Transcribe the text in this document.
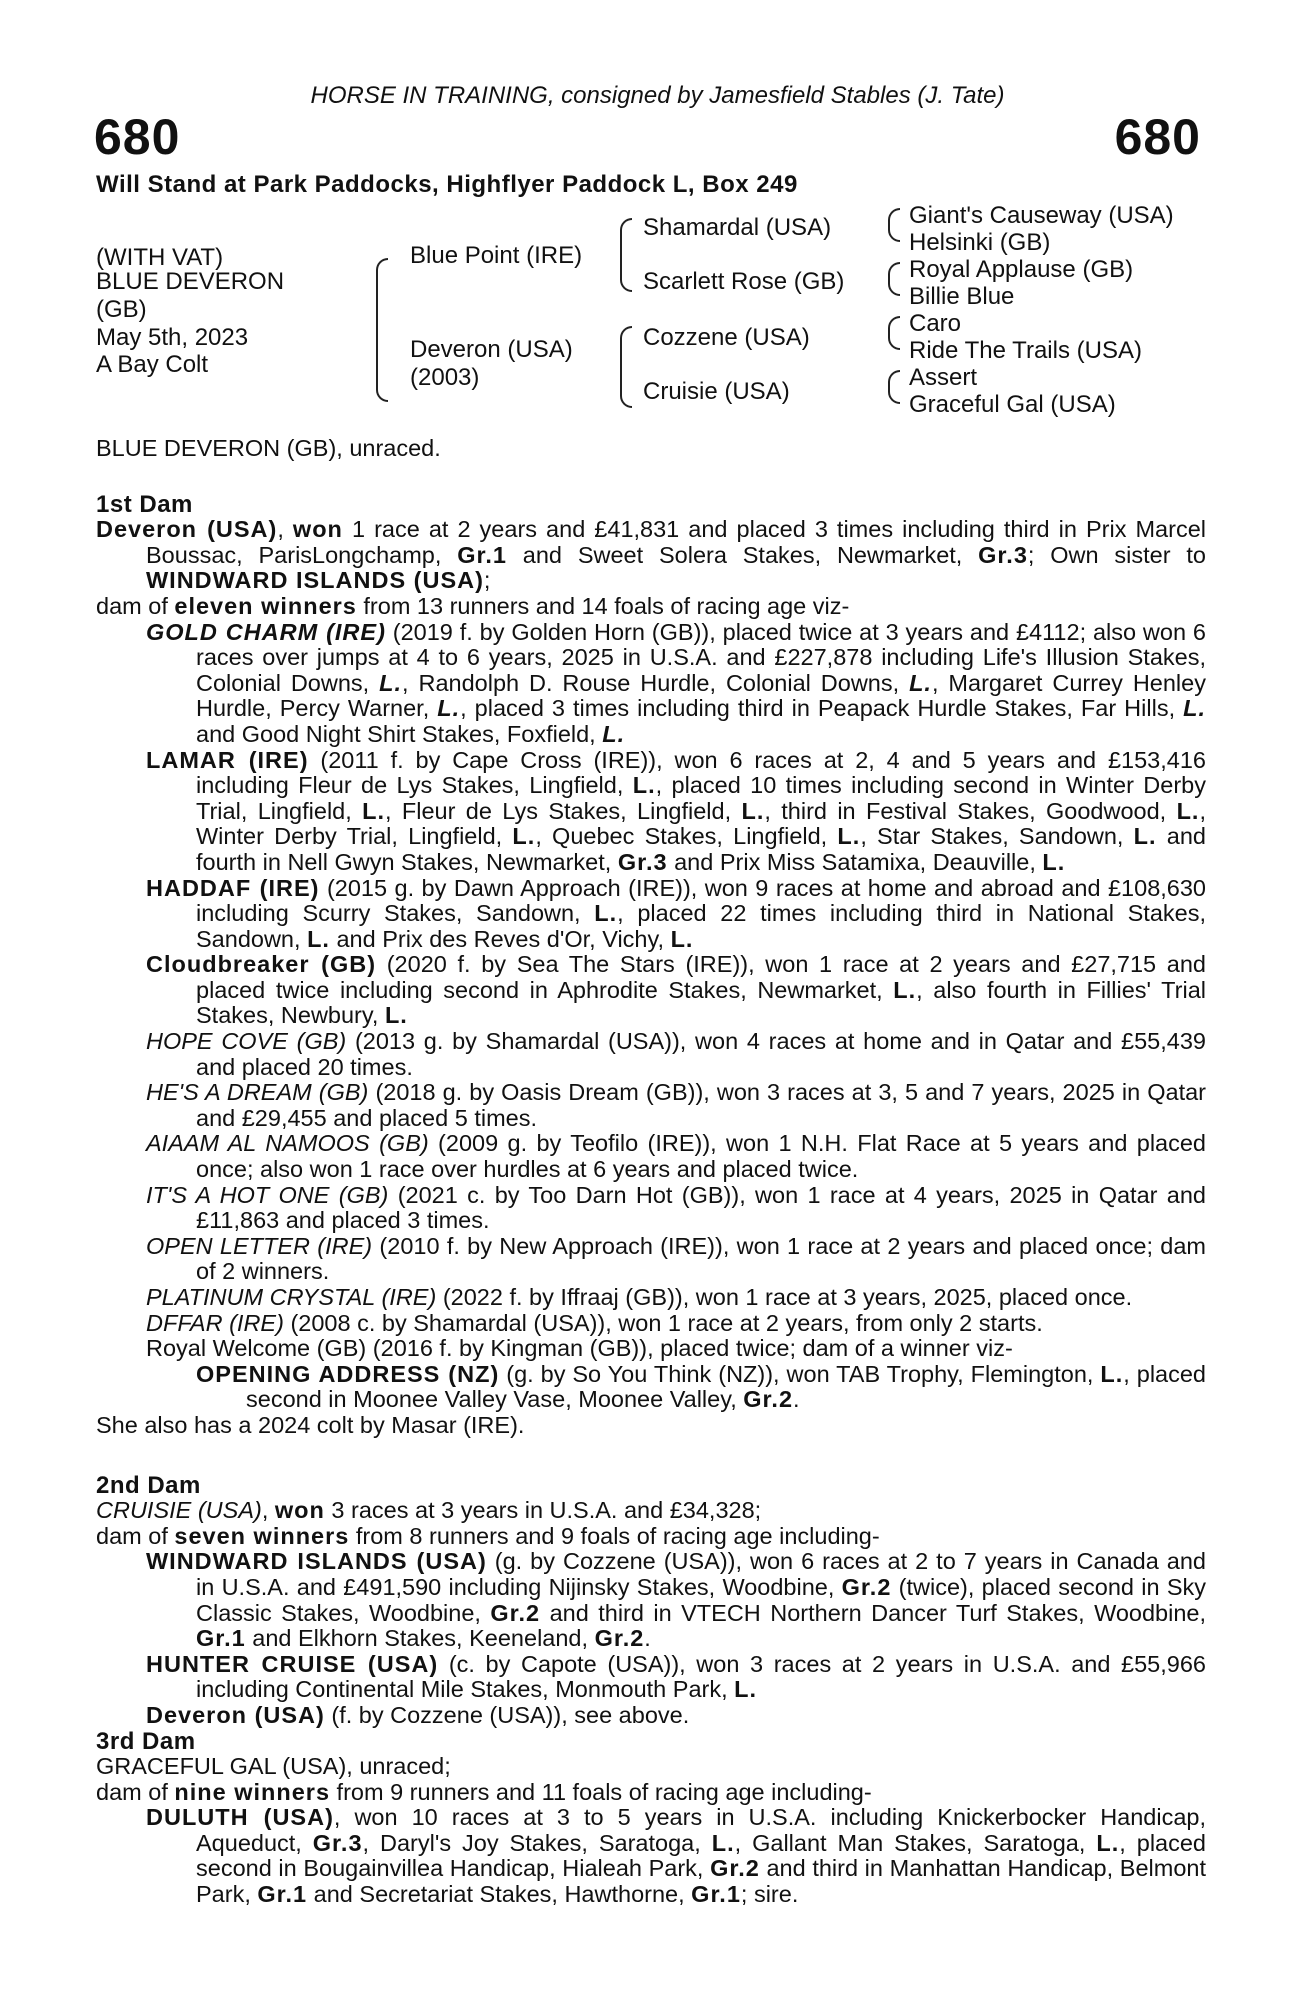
HORSE IN TRAINING, consigned by Jamesfield Stables (J. Tate)
680	680
Will Stand at Park Paddocks, Highflyer Paddock L, Box 249
(WITH VAT)
BLUE DEVERON
(GB)
May 5th, 2023
A Bay Colt
Blue Point (IRE)
Deveron (USA)
(2003)
Shamardal (USA)
Scarlett Rose (GB)
Cozzene (USA)
Cruisie (USA)
Giant's Causeway (USA)
Helsinki (GB)
Royal Applause (GB)
Billie Blue
Caro
Ride The Trails (USA)
Assert
Graceful Gal (USA)

BLUE DEVERON (GB), unraced.

1st Dam

Deveron (USA), won 1 race at 2 years and £41,831 and placed 3 times including third in Prix Marcel Boussac, ParisLongchamp, Gr.1 and Sweet Solera Stakes, Newmarket, Gr.3; Own sister to WINDWARD ISLANDS (USA);

dam of eleven winners from 13 runners and 14 foals of racing age viz-

GOLD CHARM (IRE) (2019 f. by Golden Horn (GB)), placed twice at 3 years and £4112; also won 6 races over jumps at 4 to 6 years, 2025 in U.S.A. and £227,878 including Life's Illusion Stakes, Colonial Downs, L., Randolph D. Rouse Hurdle, Colonial Downs, L., Margaret Currey Henley Hurdle, Percy Warner, L., placed 3 times including third in Peapack Hurdle Stakes, Far Hills, L. and Good Night Shirt Stakes, Foxfield, L.

LAMAR (IRE) (2011 f. by Cape Cross (IRE)), won 6 races at 2, 4 and 5 years and £153,416 including Fleur de Lys Stakes, Lingfield, L., placed 10 times including second in Winter Derby Trial, Lingfield, L., Fleur de Lys Stakes, Lingfield, L., third in Festival Stakes, Goodwood, L., Winter Derby Trial, Lingfield, L., Quebec Stakes, Lingfield, L., Star Stakes, Sandown, L. and fourth in Nell Gwyn Stakes, Newmarket, Gr.3 and Prix Miss Satamixa, Deauville, L.

HADDAF (IRE) (2015 g. by Dawn Approach (IRE)), won 9 races at home and abroad and £108,630 including Scurry Stakes, Sandown, L., placed 22 times including third in National Stakes, Sandown, L. and Prix des Reves d'Or, Vichy, L.

Cloudbreaker (GB) (2020 f. by Sea The Stars (IRE)), won 1 race at 2 years and £27,715 and placed twice including second in Aphrodite Stakes, Newmarket, L., also fourth in Fillies' Trial Stakes, Newbury, L.

HOPE COVE (GB) (2013 g. by Shamardal (USA)), won 4 races at home and in Qatar and £55,439 and placed 20 times.

HE'S A DREAM (GB) (2018 g. by Oasis Dream (GB)), won 3 races at 3, 5 and 7 years, 2025 in Qatar and £29,455 and placed 5 times.

AIAAM AL NAMOOS (GB) (2009 g. by Teofilo (IRE)), won 1 N.H. Flat Race at 5 years and placed once; also won 1 race over hurdles at 6 years and placed twice.

IT'S A HOT ONE (GB) (2021 c. by Too Darn Hot (GB)), won 1 race at 4 years, 2025 in Qatar and £11,863 and placed 3 times.

OPEN LETTER (IRE) (2010 f. by New Approach (IRE)), won 1 race at 2 years and placed once; dam of 2 winners.

PLATINUM CRYSTAL (IRE) (2022 f. by Iffraaj (GB)), won 1 race at 3 years, 2025, placed once.

DFFAR (IRE) (2008 c. by Shamardal (USA)), won 1 race at 2 years, from only 2 starts.

Royal Welcome (GB) (2016 f. by Kingman (GB)), placed twice; dam of a winner viz-

OPENING ADDRESS (NZ) (g. by So You Think (NZ)), won TAB Trophy, Flemington, L., placed second in Moonee Valley Vase, Moonee Valley, Gr.2.

She also has a 2024 colt by Masar (IRE).

2nd Dam

CRUISIE (USA), won 3 races at 3 years in U.S.A. and £34,328;

dam of seven winners from 8 runners and 9 foals of racing age including-

WINDWARD ISLANDS (USA) (g. by Cozzene (USA)), won 6 races at 2 to 7 years in Canada and in U.S.A. and £491,590 including Nijinsky Stakes, Woodbine, Gr.2 (twice), placed second in Sky Classic Stakes, Woodbine, Gr.2 and third in VTECH Northern Dancer Turf Stakes, Woodbine, Gr.1 and Elkhorn Stakes, Keeneland, Gr.2.

HUNTER CRUISE (USA) (c. by Capote (USA)), won 3 races at 2 years in U.S.A. and £55,966 including Continental Mile Stakes, Monmouth Park, L.

Deveron (USA) (f. by Cozzene (USA)), see above.

3rd Dam

GRACEFUL GAL (USA), unraced;

dam of nine winners from 9 runners and 11 foals of racing age including-

DULUTH (USA), won 10 races at 3 to 5 years in U.S.A. including Knickerbocker Handicap, Aqueduct, Gr.3, Daryl's Joy Stakes, Saratoga, L., Gallant Man Stakes, Saratoga, L., placed second in Bougainvillea Handicap, Hialeah Park, Gr.2 and third in Manhattan Handicap, Belmont Park, Gr.1 and Secretariat Stakes, Hawthorne, Gr.1; sire.
